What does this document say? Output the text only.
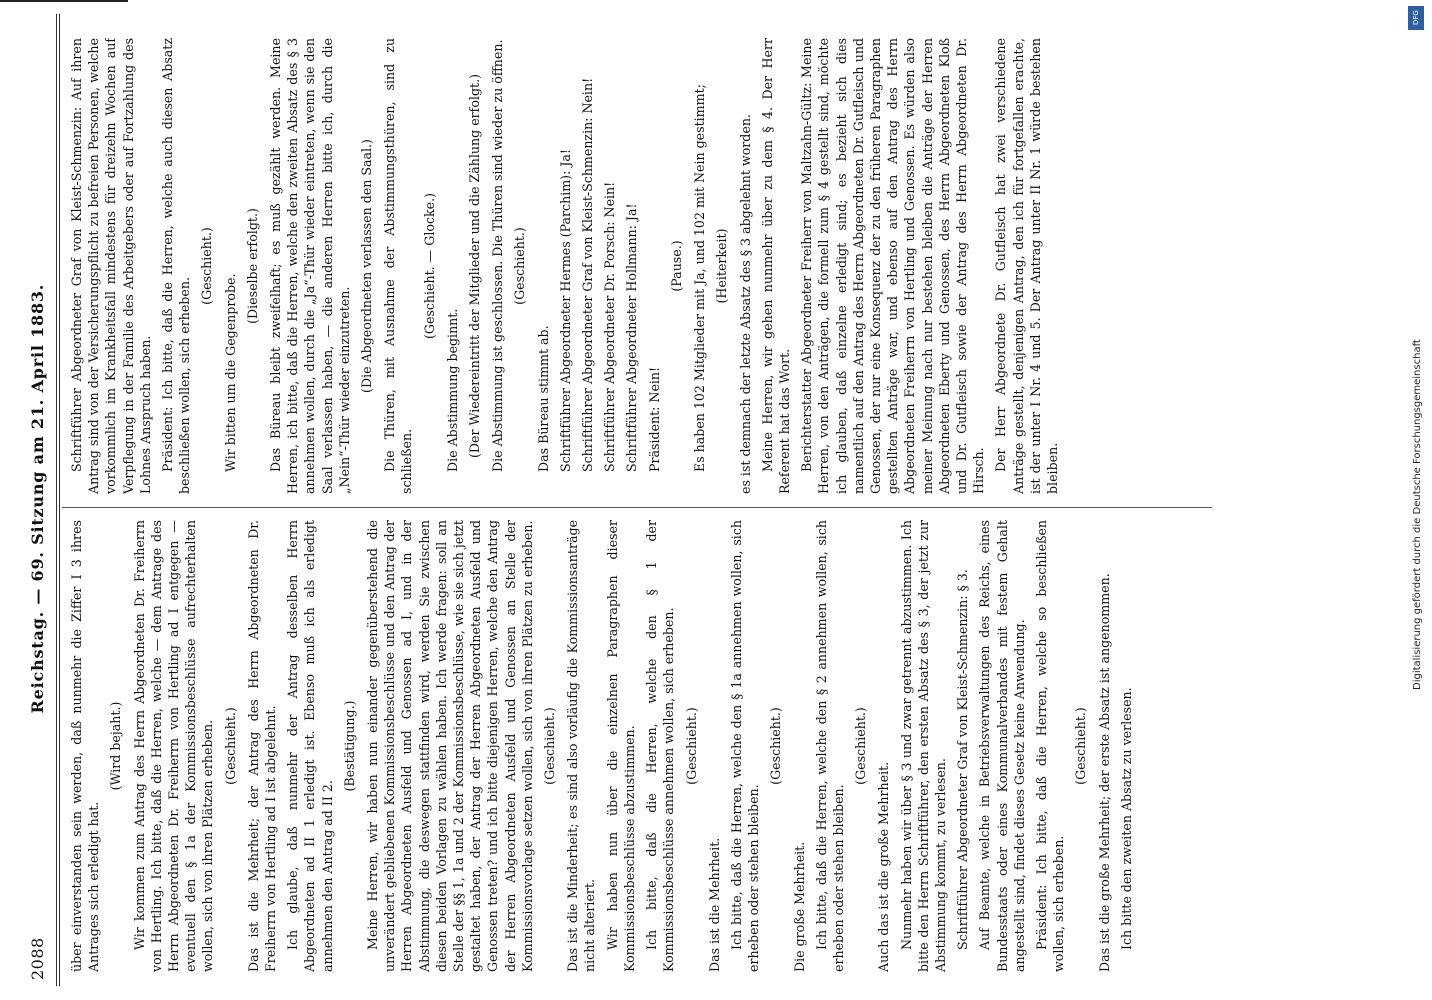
2088
Reichstag. — 69. Sitzung am 21. April 1883.

über einverstanden sein werden, daß nunmehr die Ziffer I 3 ihres Antrages sich erledigt hat.

(Wird bejaht.) Wir kommen zum Antrag des Herrn Abgeordneten Dr. Freiherrn von Hertling. Ich bitte, daß die Herren, welche — dem Antrage des Herrn Abgeordneten Dr. Freiherrn von Hertling ad I entgegen — eventuell den § 1a der Kommissionsbeschlüsse aufrechterhalten wollen, sich von ihren Plätzen erheben. (Geschieht.) Das ist die Mehrheit; der Antrag des Herrn Abgeordneten Dr. Freiherrn von Hertling ad I ist abgelehnt. Ich glaube, daß nunmehr der Antrag desselben Herrn Abgeordneten ad II 1 erledigt ist. Ebenso muß ich als erledigt annehmen den Antrag ad II 2.

(Bestätigung.) Meine Herren, wir haben nun einander gegenüberstehend die unverändert gebliebenen Kommissionsbeschlüsse und den Antrag der Herren Abgeordneten Ausfeld und Genossen ad I, und in der Abstimmung, die deswegen stattfinden wird, werden Sie zwischen diesen beiden Vorlagen zu wählen haben. Ich werde fragen: soll an Stelle der §§ 1, 1a und 2 der Kommissionsbeschlüsse, wie sie sich jetzt gestaltet haben, der Antrag der Herren Abgeordneten Ausfeld und Genossen treten? und ich bitte diejenigen Herren, welche den Antrag der Herren Abgeordneten Ausfeld und Genossen an Stelle der Kommissionsvorlage setzen wollen, sich von ihren Plätzen zu erheben. (Geschieht.) Das ist die Minderheit; es sind also vorläufig die Kommissionsanträge nicht alteriert. Wir haben nun über die einzelnen Paragraphen dieser Kommissionsbeschlüsse abzustimmen. Ich bitte, daß die Herren, welche den § 1 der Kommissionsbeschlüsse annehmen wollen, sich erheben. (Geschieht.)

Das ist die Mehrheit. Ich bitte, daß die Herren, welche den § 1a annehmen wollen, sich erheben oder stehen bleiben.

(Geschieht.)

Die große Mehrheit. Ich bitte, daß die Herren, welche den § 2 annehmen wollen, sich erheben oder stehen bleiben.

(Geschieht.)

Auch das ist die große Mehrheit. Nunmehr haben wir über § 3 und zwar getrennt abzustimmen. Ich bitte den Herrn Schriftführer, den ersten Absatz des § 3, der jetzt zur Abstimmung kommt, zu verlesen. Schriftführer Abgeordneter Graf von Kleist-Schmenzin: § 3. Auf Beamte, welche in Betriebsverwaltungen des Reichs, eines Bundesstaats oder eines Kommunalverbandes mit festem Gehalt angestellt sind, findet dieses Gesetz keine Anwendung. Präsident: Ich bitte, daß die Herren, welche so beschließen wollen, sich erheben.

(Geschieht.) Das ist die große Mehrheit; der erste Absatz ist angenommen. Ich bitte den zweiten Absatz zu verlesen.

Schriftführer Abgeordneter Graf von Kleist-Schmenzin: Auf ihren Antrag sind von der Versicherungspflicht zu befreien Personen, welche vorkommlich im Krankheitsfall mindestens für dreizehn Wochen auf Verpflegung in der Familie des Arbeitgebers oder auf Fortzahlung des Lohnes Anspruch haben. Präsident: Ich bitte, daß die Herren, welche auch diesen Absatz beschließen wollen, sich erheben.

(Geschieht.)

Wir bitten um die Gegenprobe.

(Dieselbe erfolgt.) Das Büreau bleibt zweifelhaft; es muß gezählt werden. Meine Herren, ich bitte, daß die Herren, welche den zweiten Absatz des § 3 annehmen wollen, durch die „Ja“-Thür wieder eintreten, wenn sie den Saal verlassen haben, — die anderen Herren bitte ich, durch die „Nein“-Thür wieder einzutreten. (Die Abgeordneten verlassen den Saal.) Die Thüren, mit Ausnahme der Abstimmungsthüren, sind zu schließen.

(Geschieht. — Glocke.)

Die Abstimmung beginnt. (Der Wiedereintritt der Mitglieder und die Zählung erfolgt.) Die Abstimmung ist geschlossen. Die Thüren sind wieder zu öffnen. (Geschieht.)

Das Büreau stimmt ab. Schriftführer Abgeordneter Hermes (Parchim): Ja! Schriftführer Abgeordneter Graf von Kleist-Schmenzin: Nein! Schriftführer Abgeordneter Dr. Porsch: Nein! Schriftführer Abgeordneter Hollmann: Ja! Präsident: Nein!

(Pause.) Es haben 102 Mitglieder mit Ja, und 102 mit Nein gestimmt; (Heiterkeit) es ist demnach der letzte Absatz des § 3 abgelehnt worden. Meine Herren, wir gehen nunmehr über zu dem § 4. Der Herr Referent hat das Wort. Berichterstatter Abgeordneter Freiherr von Maltzahn-Gültz: Meine Herren, von den Anträgen, die formell zum § 4 gestellt sind, möchte ich glauben, daß einzelne erledigt sind; es bezieht sich dies namentlich auf den Antrag des Herrn Abgeordneten Dr. Gutfleisch und Genossen, der nur eine Konsequenz der zu den früheren Paragraphen gestellten Anträge war, und ebenso auf den Antrag des Herrn Abgeordneten Freiherrn von Hertling und Genossen. Es würden also meiner Meinung nach nur bestehen bleiben die Anträge der Herren Abgeordneten Eberty und Genossen, des Herrn Abgeordneten Kloß und Dr. Gutfleisch sowie der Antrag des Herrn Abgeordneten Dr. Hirsch. Der Herr Abgeordnete Dr. Gutfleisch hat zwei verschiedene Anträge gestellt, denjenigen Antrag, den ich für fortgefallen erachte, ist der unter I Nr. 4 und 5. Der Antrag unter II Nr. 1 würde bestehen bleiben.

DFG
Digitalisierung gefördert durch die Deutsche Forschungsgemeinschaft
